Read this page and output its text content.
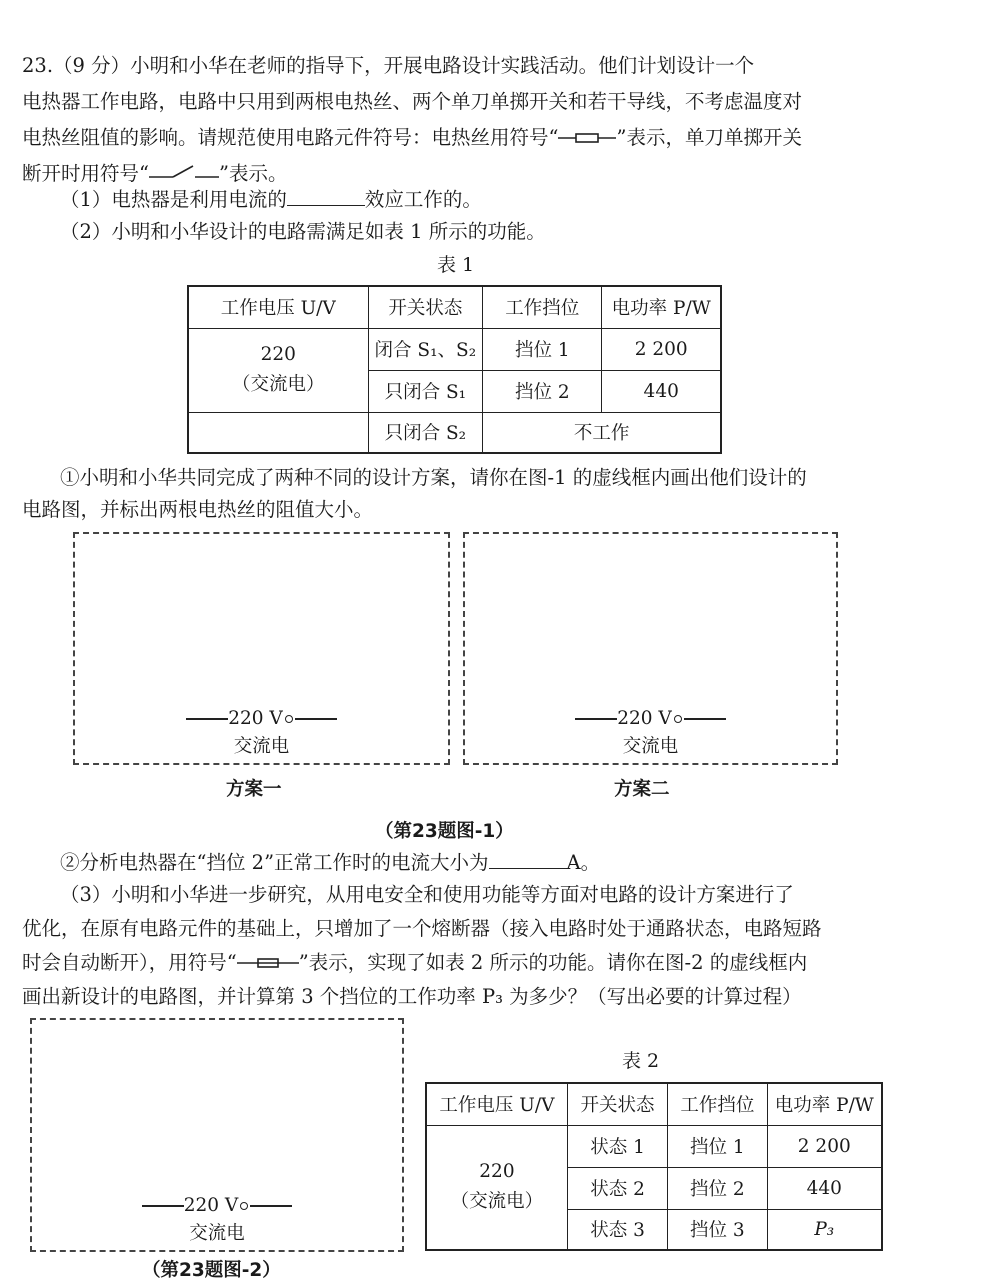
23.（9 分）小明和小华在老师的指导下，开展电路设计实践活动。他们计划设计一个

电热器工作电路，电路中只用到两根电热丝、两个单刀单掷开关和若干导线，不考虑温度对

电热丝阻值的影响。请规范使用电路元件符号：电热丝用符号“	”表示，单刀单掷开关

断开时用符号“	”表示。

（1）电热器是利用电流的	效应工作的。

（2）小明和小华设计的电路需满足如表 1 所示的功能。

表 1
工作电压 U/V	开关状态	工作挡位	电功率 P/W

220
（交流电）	闭合 S₁、S₂	挡位 1	2 200
	只闭合 S₁	挡位 2	440
	只闭合 S₂	不工作	

①小明和小华共同完成了两种不同的设计方案，请你在图-1 的虚线框内画出他们设计的

电路图，并标出两根电热丝的阻值大小。

220 V
交流电
220 V
交流电
方案一	方案二
（第23题图-1）

②分析电热器在“挡位 2”正常工作时的电流大小为	A。

（3）小明和小华进一步研究，从用电安全和使用功能等方面对电路的设计方案进行了

优化，在原有电路元件的基础上，只增加了一个熔断器（接入电路时处于通路状态，电路短路

时会自动断开），用符号“	”表示，实现了如表 2 所示的功能。请你在图-2 的虚线框内

画出新设计的电路图，并计算第 3 个挡位的工作功率 P₃ 为多少？（写出必要的计算过程）

220 V
交流电
（第23题图-2）
表 2
工作电压 U/V	开关状态	工作挡位	电功率 P/W

220
（交流电）	状态 1	挡位 1	2 200
	状态 2	挡位 2	440
	状态 3	挡位 3	P₃
